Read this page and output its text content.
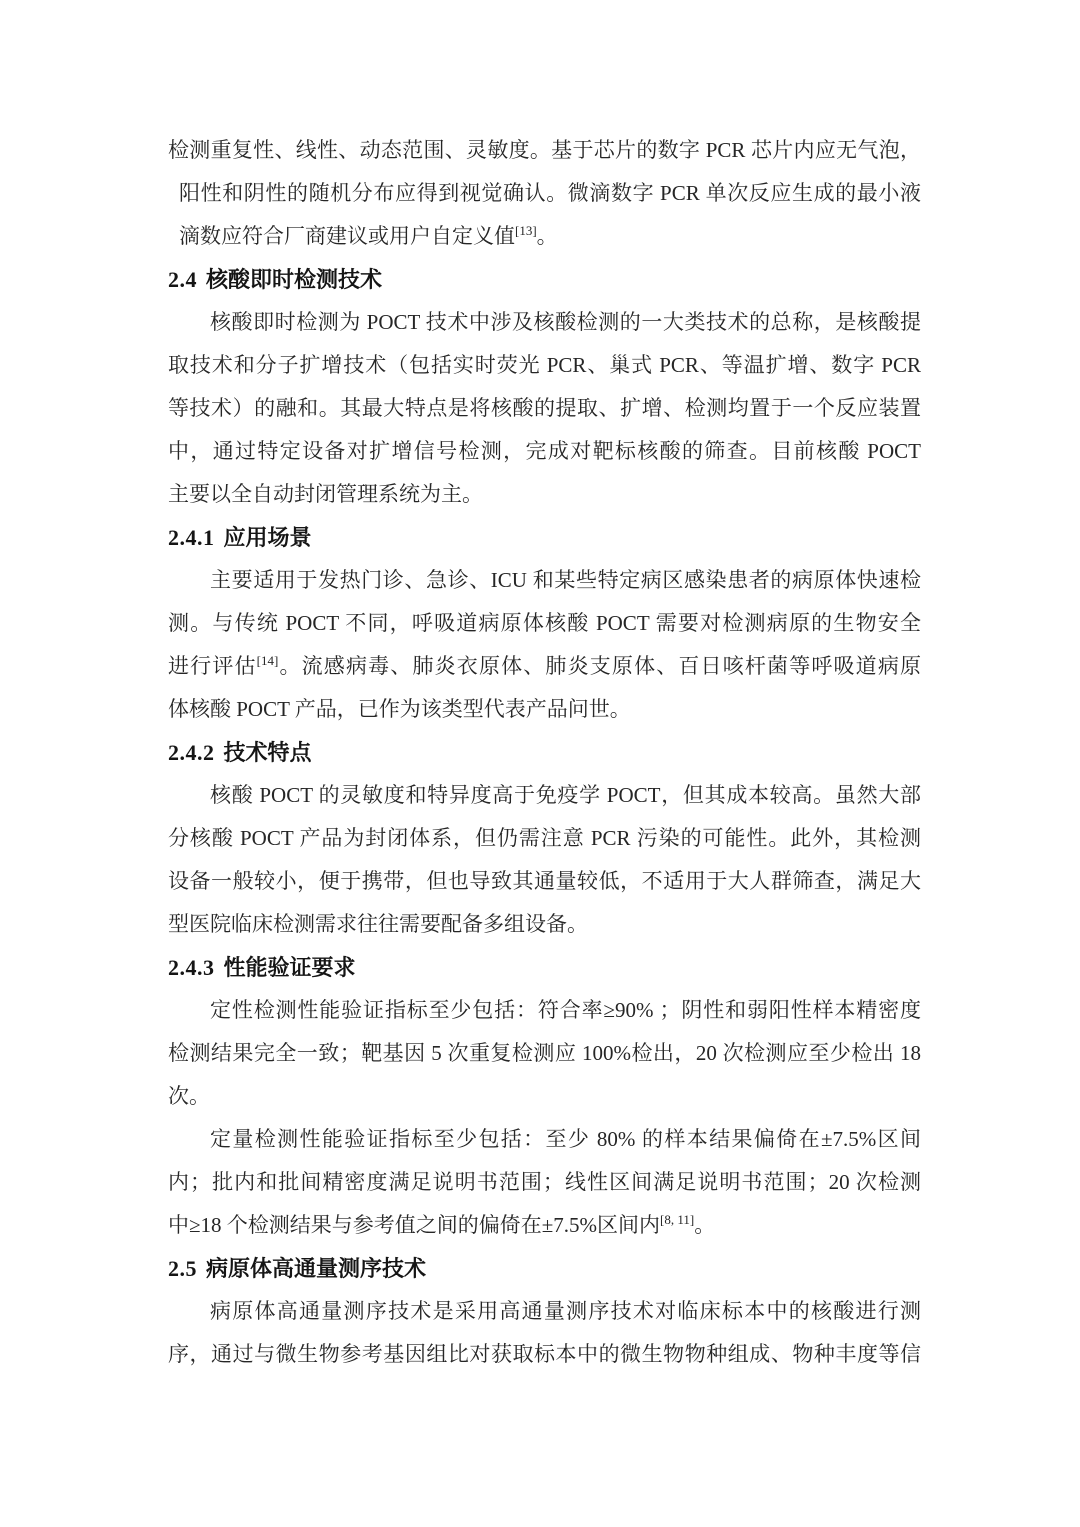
检测重复性、线性、动态范围、灵敏度。基于芯片的数字 PCR 芯片内应无气泡，
阳性和阴性的随机分布应得到视觉确认。微滴数字 PCR 单次反应生成的最小液
滴数应符合厂商建议或用户自定义值[13]。
2.4 核酸即时检测技术
核酸即时检测为 POCT 技术中涉及核酸检测的一大类技术的总称，是核酸提
取技术和分子扩增技术（包括实时荧光 PCR、巢式 PCR、等温扩增、数字 PCR
等技术）的融和。其最大特点是将核酸的提取、扩增、检测均置于一个反应装置
中，通过特定设备对扩增信号检测，完成对靶标核酸的筛查。目前核酸 POCT
主要以全自动封闭管理系统为主。
2.4.1 应用场景
主要适用于发热门诊、急诊、ICU 和某些特定病区感染患者的病原体快速检
测。与传统 POCT 不同，呼吸道病原体核酸 POCT 需要对检测病原的生物安全
进行评估[14]。流感病毒、肺炎衣原体、肺炎支原体、百日咳杆菌等呼吸道病原
体核酸 POCT 产品，已作为该类型代表产品问世。
2.4.2 技术特点
核酸 POCT 的灵敏度和特异度高于免疫学 POCT，但其成本较高。虽然大部
分核酸 POCT 产品为封闭体系，但仍需注意 PCR 污染的可能性。此外，其检测
设备一般较小，便于携带，但也导致其通量较低，不适用于大人群筛查，满足大
型医院临床检测需求往往需要配备多组设备。
2.4.3 性能验证要求
定性检测性能验证指标至少包括：符合率≥90% ；阴性和弱阳性样本精密度
检测结果完全一致；靶基因 5 次重复检测应 100%检出，20 次检测应至少检出 18
次。
定量检测性能验证指标至少包括：至少 80% 的样本结果偏倚在±7.5%区间
内；批内和批间精密度满足说明书范围；线性区间满足说明书范围；20 次检测
中≥18 个检测结果与参考值之间的偏倚在±7.5%区间内[8, 11]。
2.5 病原体高通量测序技术
病原体高通量测序技术是采用高通量测序技术对临床标本中的核酸进行测
序，通过与微生物参考基因组比对获取标本中的微生物物种组成、物种丰度等信
